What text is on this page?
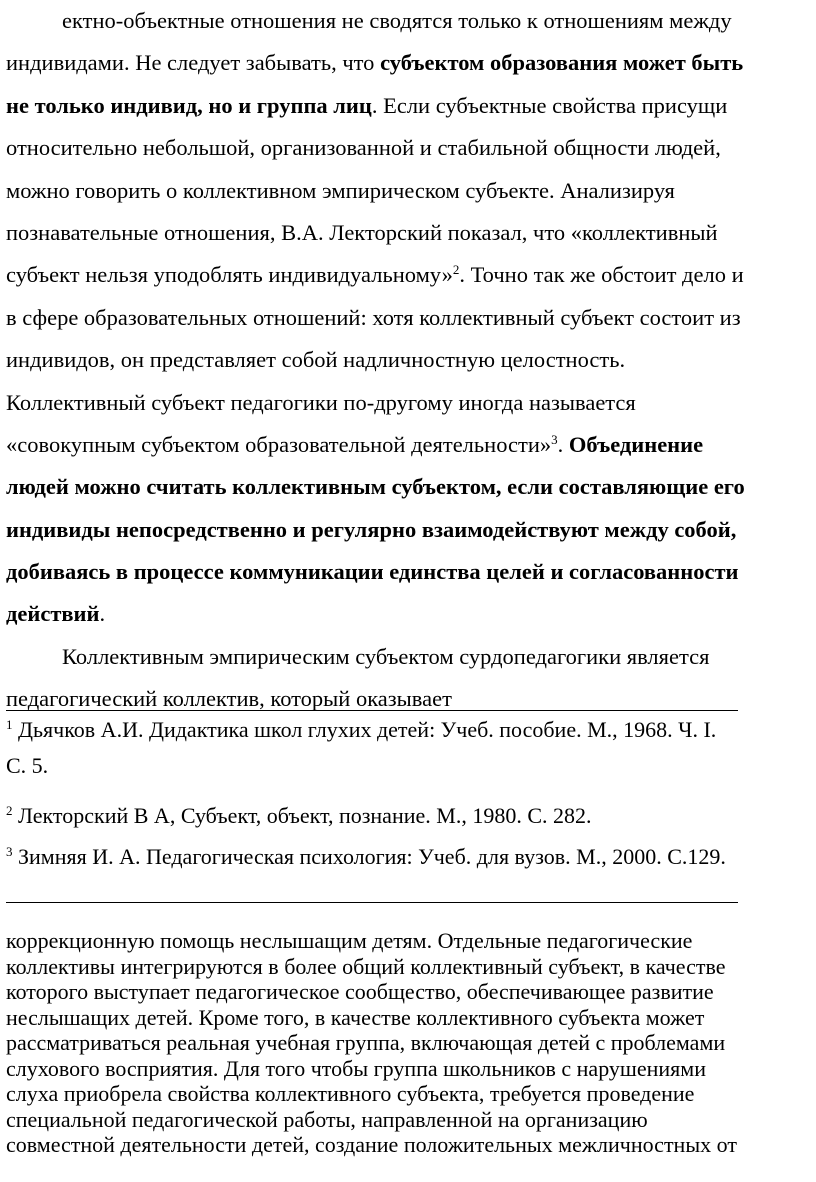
ектно-объектные отношения не сводятся только к отношениям между
индивидами. Не следует забывать, что субъектом образования может быть
не только индивид, но и группа лиц. Если субъектные свойства присущи
относительно небольшой, организованной и стабильной общности людей,
можно говорить о коллективном эмпирическом субъекте. Анализируя
познавательные отношения, В.А. Лекторский показал, что «коллективный
субъект нельзя уподоблять индивидуальному»$^2$. Точно так же обстоит дело и
в сфере образовательных отношений: хотя коллективный субъект состоит из
индивидов, он представляет собой надличностную целостность.
Коллективный субъект педагогики по-другому иногда называется
«совокупным субъектом образовательной деятельности»$^3$. Объединение
людей можно считать коллективным субъектом, если составляющие его
индивиды непосредственно и регулярно взаимодействуют между собой,
добиваясь в процессе коммуникации единства целей и согласованности
действий.
Коллективным эмпирическим субъектом сурдопедагогики является
педагогический коллектив, который оказывает
$^1$ Дьячков А.И. Дидактика школ глухих детей: Учеб. пособие. М., 1968. Ч. I.
С. 5.
$^2$ Лекторский В А, Субъект, объект, познание. М., 1980. С. 282.
$^3$ Зимняя И. А. Педагогическая психология: Учеб. для вузов. М., 2000. С.129.
коррекционную помощь неслышащим детям. Отдельные педагогические
коллективы интегрируются в более общий коллективный субъект, в качестве
которого выступает педагогическое сообщество, обеспечивающее развитие
неслышащих детей. Кроме того, в качестве коллективного субъекта может
рассматриваться реальная учебная группа, включающая детей с проблемами
слухового восприятия. Для того чтобы группа школьников с нарушениями
слуха приобрела свойства коллективного субъекта, требуется проведение
специальной педагогической работы, направленной на организацию
совместной деятельности детей, создание положительных межличностных от
